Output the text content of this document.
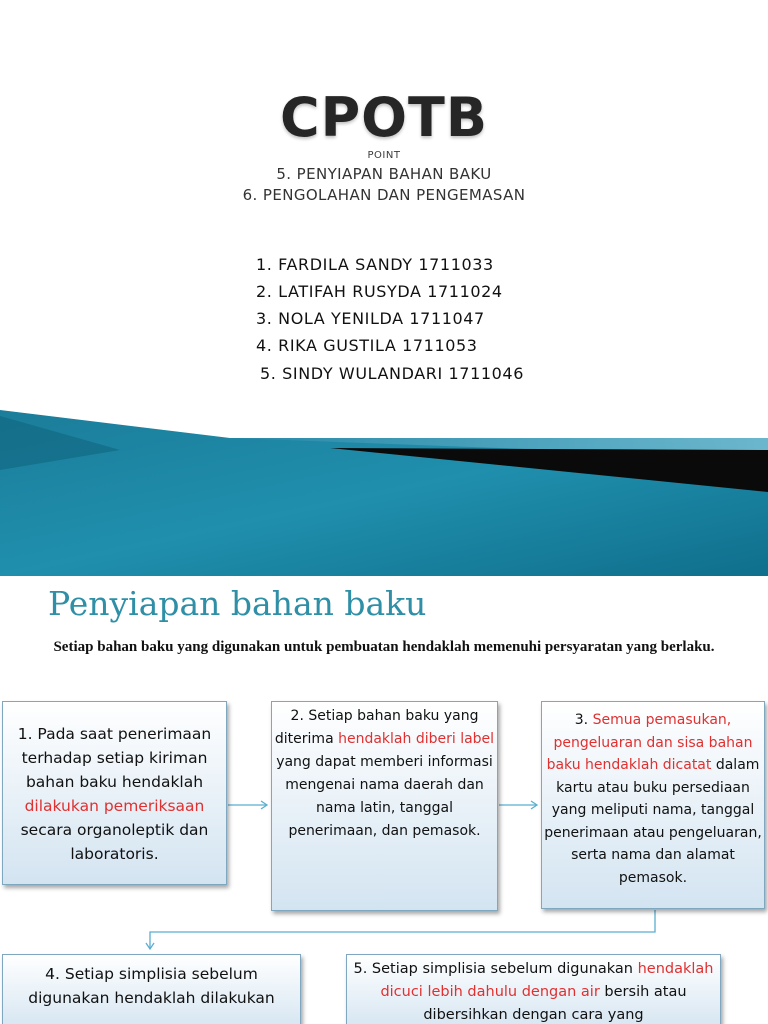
CPOTB
POINT
5. PENYIAPAN BAHAN BAKU
6. PENGOLAHAN DAN PENGEMASAN
1. FARDILA SANDY 1711033
2. LATIFAH RUSYDA 1711024
3. NOLA YENILDA 1711047
4. RIKA GUSTILA 1711053
5. SINDY WULANDARI 1711046
Penyiapan bahan baku
Setiap bahan baku yang digunakan untuk pembuatan hendaklah memenuhi persyaratan yang berlaku.

1. Pada saat penerimaan terhadap setiap kiriman bahan baku hendaklah dilakukan pemeriksaan secara organoleptik dan laboratoris.

2. Setiap bahan baku yang diterima hendaklah diberi label yang dapat memberi informasi mengenai nama daerah dan nama latin, tanggal penerimaan, dan pemasok.

3. Semua pemasukan, pengeluaran dan sisa bahan baku hendaklah dicatat dalam kartu atau buku persediaan yang meliputi nama, tanggal penerimaan atau pengeluaran, serta nama dan alamat pemasok.

4. Setiap simplisia sebelum digunakan hendaklah dilakukan

5. Setiap simplisia sebelum digunakan hendaklah dicuci lebih dahulu dengan air bersih atau dibersihkan dengan cara yang
